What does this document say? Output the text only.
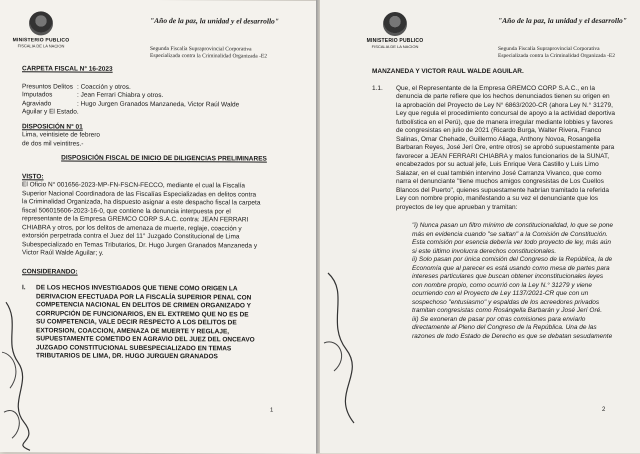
MINISTERIO PUBLICO
FISCALIA DE LA NACION
"Año de la paz, la unidad y el desarrollo"
Segunda Fiscalía Supraprovincial Corporativa
Especializada contra la Criminalidad Organizada -E2
CARPETA FISCAL N° 16-2023
Presuntos Delitos : Coacción y otros.
Imputados	: Jean Ferrari Chiabra y otros.
Agraviado	: Hugo Jurgen Granados Manzaneda, Victor Raúl Walde
Aguilar y El Estado.
DISPOSICIÓN N° 01
Lima, veintisiete de febrero
de dos mil veintitres.-
DISPOSICIÓN FISCAL DE INICIO DE DILIGENCIAS PRELIMINARES
VISTO:
El Oficio N° 001656-2023-MP-FN-FSCN-FECCO, mediante el cual la Fiscalía
Superior Nacional Coordinadora de las Fiscalías Especializadas en delitos contra
la Criminalidad Organizada, ha dispuesto asignar a este despacho fiscal la carpeta
fiscal 506015606-2023-16-0, que contiene la denuncia interpuesta por el
representante de la Empresa GREMCO CORP S.A.C. contra: JEAN FERRARI
CHIABRA y otros, por los delitos de amenaza de muerte, reglaje, coacción y
extorsión perpetrada contra el Juez del 11° Juzgado Constitucional de Lima
Subespecializado en Temas Tributarios, Dr. Hugo Jurgen Granados Manzaneda y
Victor Raúl Walde Aguilar; y.
CONSIDERANDO:
I.	DE LOS HECHOS INVESTIGADOS QUE TIENE COMO ORIGEN LA
DERIVACION EFECTUADA POR LA FISCALÍA SUPERIOR PENAL CON
COMPETENCIA NACIONAL EN DELITOS DE CRIMEN ORGANIZADO Y
CORRUPCIÓN DE FUNCIONARIOS, EN EL EXTREMO QUE NO ES DE
SU COMPETENCIA, VALE DECIR RESPECTO A LOS DELITOS DE
EXTORSION, COACCION, AMENAZA DE MUERTE Y REGLAJE,
SUPUESTAMENTE COMETIDO EN AGRAVIO DEL JUEZ DEL ONCEAVO
JUZGADO CONSTITUCIONAL SUBESPECIALIZADO EN TEMAS
TRIBUTARIOS DE LIMA, DR. HUGO JURGUEN GRANADOS
1
MINISTERIO PUBLICO
FISCALIA DE LA NACION
"Año de la paz, la unidad y el desarrollo"
Segunda Fiscalía Supraprovincial Corporativa
Especializada contra la Criminalidad Organizada -E2
MANZANEDA Y VICTOR RAUL WALDE AGUILAR.
1.1.	Que, el Representante de la Empresa GREMCO CORP S.A.C., en la
denuncia de parte refiere que los hechos denunciados tienen su origen en
la aprobación del Proyecto de Ley N° 6863/2020-CR (ahora Ley N.° 31279,
Ley que regula el procedimiento concursal de apoyo a la actividad deportiva
futbolística en el Perú), que de manera irregular mediante lobbies y favores
de congresistas en julio de 2021 (Ricardo Burga, Walter Rivera, Franco
Salinas, Omar Chehade, Guillermo Aliaga, Anthony Novoa, Rosangella
Barbaran Reyes, José Jerí Ore, entre otros) se aprobó supuestamente para
favorecer a JEAN FERRARI CHIABRA y malos funcionarios de la SUNAT,
encabezados por su actual jefe, Luis Enrique Vera Castillo y Luis Limo
Salazar, en el cual también intervino José Carranza Vivanco, que como
narra el denunciante "tiene muchos amigos congresistas de Los Cuellos
Blancos del Puerto", quienes supuestamente habrían tramitado la referida
Ley con nombre propio, manifestando a su vez el denunciante que los
proyectos de ley que aprueban y tramitan:
"i) Nunca pasan un filtro mínimo de constitucionalidad, lo que se pone
más en evidencia cuando "se saltan" a la Comisión de Constitución.
Esta comisión por esencia debería ver todo proyecto de ley, más aún
si este último involucra derechos constitucionales.
ii) Solo pasan por única comisión del Congreso de la República, la de
Economía que al parecer es está usando como mesa de partes para
intereses particulares que buscan obtener inconstitucionales leyes
con nombre propio, como ocurrió con la Ley N.° 31279 y viene
ocurriendo con el Proyecto de Ley 1137/2021-CR que con un
sospechoso "entusiasmo" y espaldas de los acreedores privados
tramitan congresistas como Rosángella Barbarán y José Jerí Oré.
iii) Se exoneran de pasar por otras comisiones para enviarlo
directamente al Pleno del Congreso de la República. Una de las
razones de todo Estado de Derecho es que se debatan sesudamente
2
